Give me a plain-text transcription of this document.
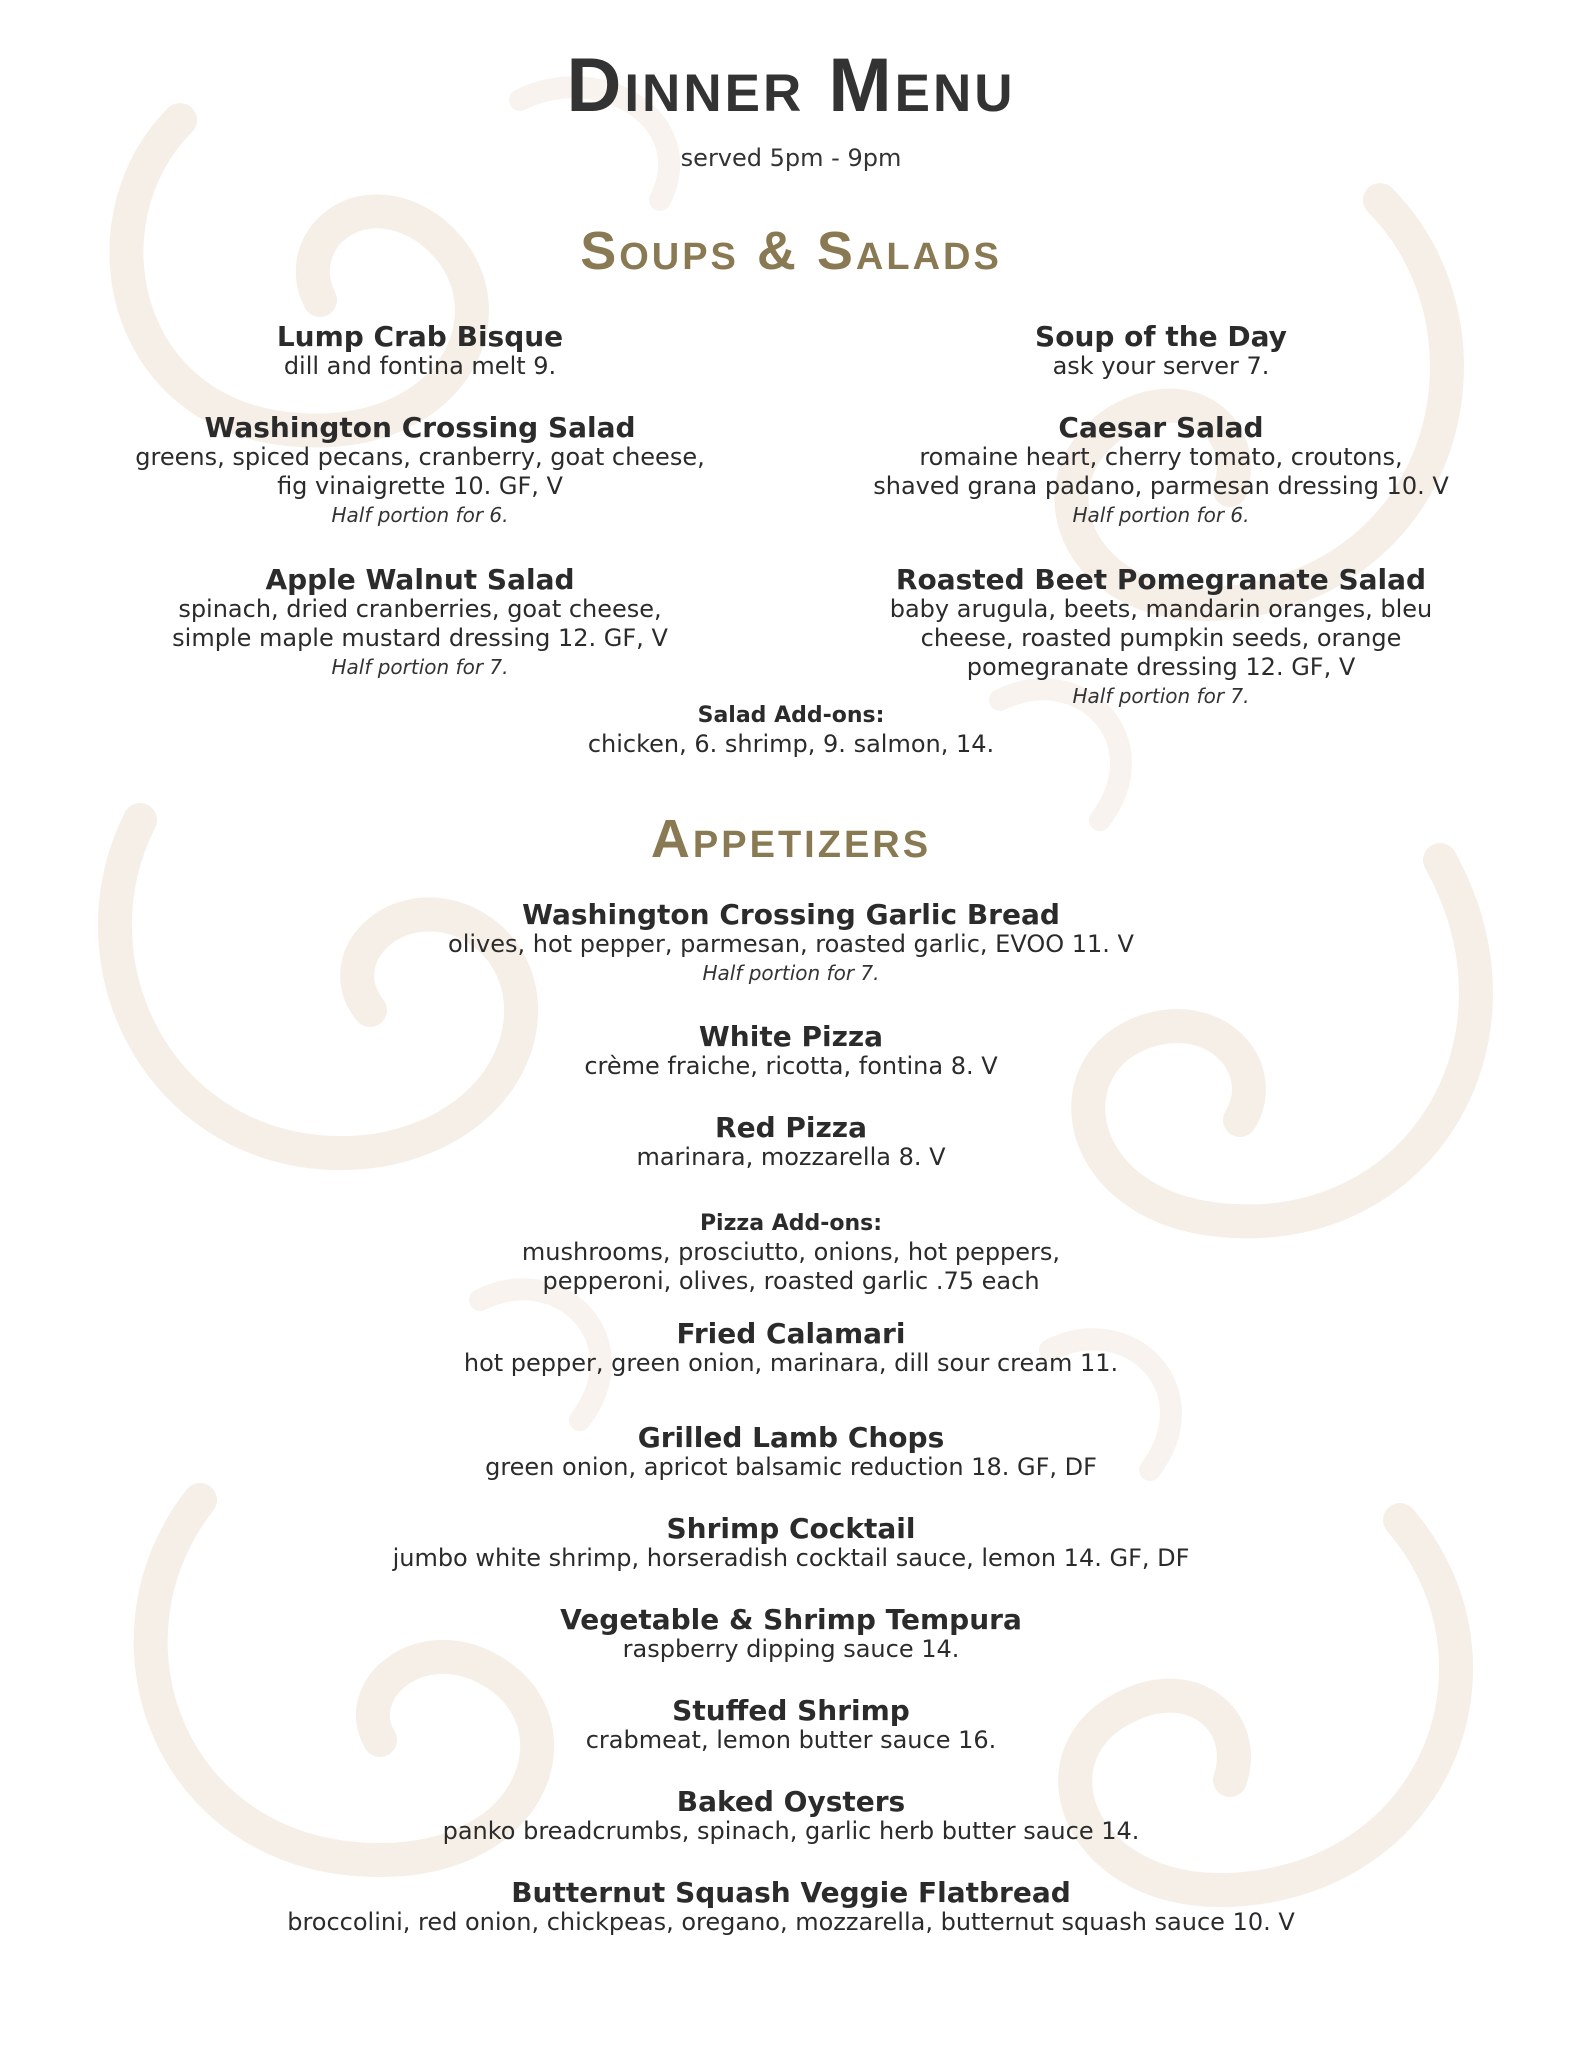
Dinner Menu
served 5pm - 9pm
Soups & Salads
Lump Crab Bisque
dill and fontina melt 9.
Soup of the Day
ask your server 7.
Washington Crossing Salad
greens, spiced pecans, cranberry, goat cheese,
fig vinaigrette 10. GF, V
Half portion for 6.
Caesar Salad
romaine heart, cherry tomato, croutons,
shaved grana padano, parmesan dressing 10. V
Half portion for 6.
Apple Walnut Salad
spinach, dried cranberries, goat cheese,
simple maple mustard dressing 12. GF, V
Half portion for 7.
Roasted Beet Pomegranate Salad
baby arugula, beets, mandarin oranges, bleu
cheese, roasted pumpkin seeds, orange
pomegranate dressing 12. GF, V
Half portion for 7.
Salad Add-ons:
chicken, 6. shrimp, 9. salmon, 14.
Appetizers
Washington Crossing Garlic Bread
olives, hot pepper, parmesan, roasted garlic, EVOO 11. V
Half portion for 7.
White Pizza
crème fraiche, ricotta, fontina 8. V
Red Pizza
marinara, mozzarella 8. V
Pizza Add-ons:
mushrooms, prosciutto, onions, hot peppers,
pepperoni, olives, roasted garlic .75 each
Fried Calamari
hot pepper, green onion, marinara, dill sour cream 11.
Grilled Lamb Chops
green onion, apricot balsamic reduction 18. GF, DF
Shrimp Cocktail
jumbo white shrimp, horseradish cocktail sauce, lemon 14. GF, DF
Vegetable & Shrimp Tempura
raspberry dipping sauce 14.
Stuffed Shrimp
crabmeat, lemon butter sauce 16.
Baked Oysters
panko breadcrumbs, spinach, garlic herb butter sauce 14.
Butternut Squash Veggie Flatbread
broccolini, red onion, chickpeas, oregano, mozzarella, butternut squash sauce 10. V
